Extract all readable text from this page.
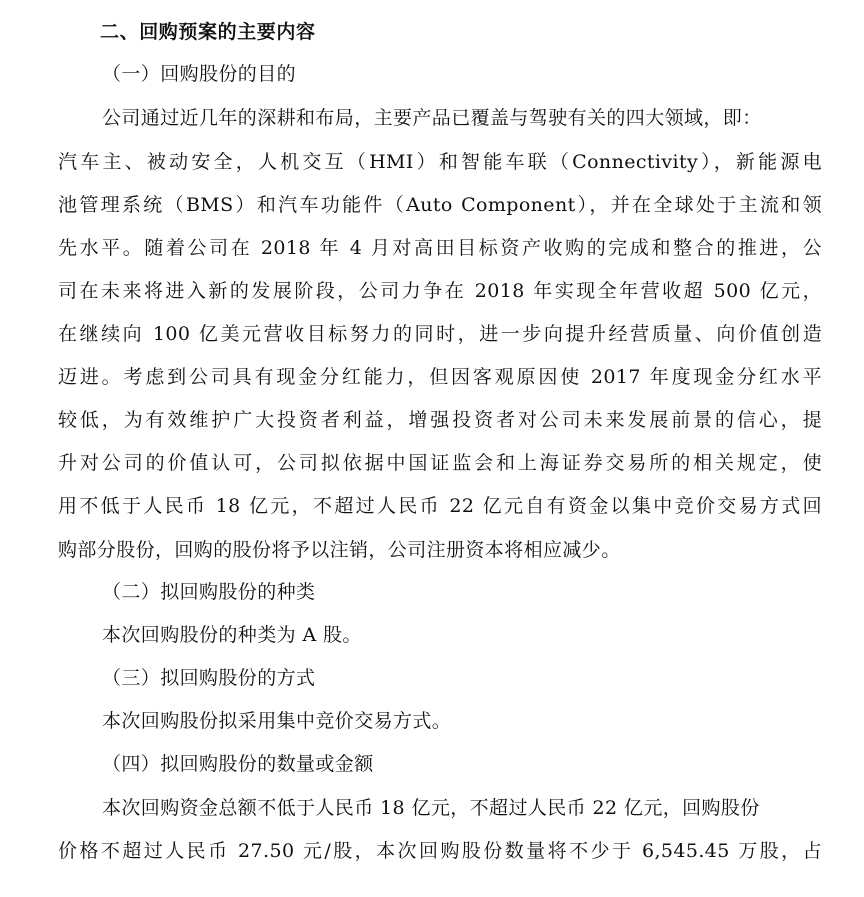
二、回购预案的主要内容
（一）回购股份的目的
公司通过近几年的深耕和布局，主要产品已覆盖与驾驶有关的四大领域，即：
汽车主、被动安全，人机交互（HMI）和智能车联（Connectivity），新能源电
池管理系统（BMS）和汽车功能件（Auto Component），并在全球处于主流和领
先水平。随着公司在 2018 年 4 月对高田目标资产收购的完成和整合的推进，公
司在未来将进入新的发展阶段，公司力争在 2018 年实现全年营收超 500 亿元，
在继续向 100 亿美元营收目标努力的同时，进一步向提升经营质量、向价值创造
迈进。考虑到公司具有现金分红能力，但因客观原因使 2017 年度现金分红水平
较低，为有效维护广大投资者利益，增强投资者对公司未来发展前景的信心，提
升对公司的价值认可，公司拟依据中国证监会和上海证券交易所的相关规定，使
用不低于人民币 18 亿元，不超过人民币 22 亿元自有资金以集中竞价交易方式回
购部分股份，回购的股份将予以注销，公司注册资本将相应减少。
（二）拟回购股份的种类
本次回购股份的种类为 A 股。
（三）拟回购股份的方式
本次回购股份拟采用集中竞价交易方式。
（四）拟回购股份的数量或金额
本次回购资金总额不低于人民币 18 亿元，不超过人民币 22 亿元，回购股份
价格不超过人民币 27.50 元/股，本次回购股份数量将不少于 6,545.45 万股，占
